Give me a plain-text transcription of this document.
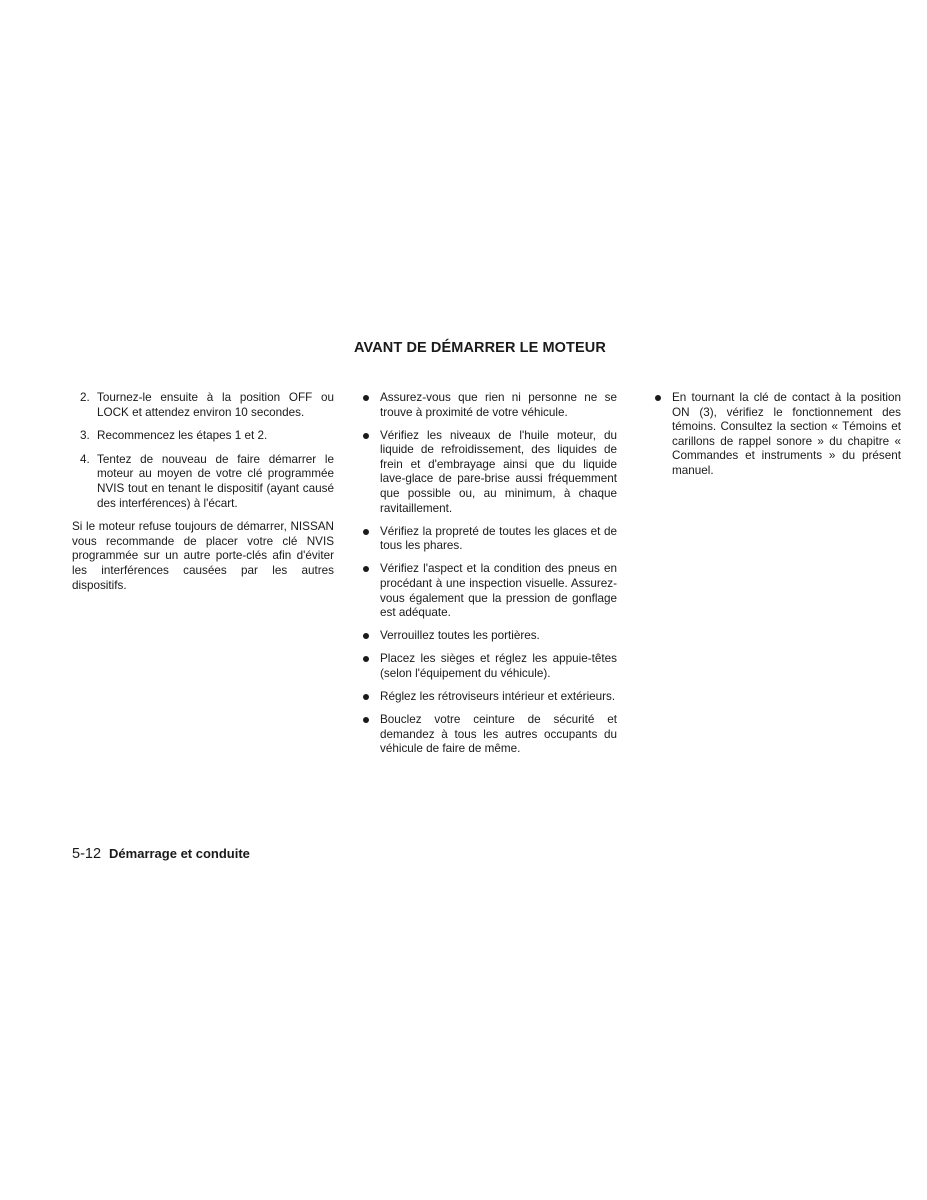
AVANT DE DÉMARRER LE MOTEUR
2. Tournez-le ensuite à la position OFF ou LOCK et attendez environ 10 secondes.
3. Recommencez les étapes 1 et 2.
4. Tentez de nouveau de faire démarrer le moteur au moyen de votre clé programmée NVIS tout en tenant le dispositif (ayant causé des interférences) à l'écart.

Si le moteur refuse toujours de démarrer, NISSAN vous recommande de placer votre clé NVIS programmée sur un autre porte-clés afin d'éviter les interférences causées par les autres dispositifs.

Assurez-vous que rien ni personne ne se trouve à proximité de votre véhicule.
Vérifiez les niveaux de l'huile moteur, du liquide de refroidissement, des liquides de frein et d'embrayage ainsi que du liquide lave-glace de pare-brise aussi fréquemment que possible ou, au minimum, à chaque ravitaillement.
Vérifiez la propreté de toutes les glaces et de tous les phares.
Vérifiez l'aspect et la condition des pneus en procédant à une inspection visuelle. Assurez-vous également que la pression de gonflage est adéquate.
Verrouillez toutes les portières.
Placez les sièges et réglez les appuie-têtes (selon l'équipement du véhicule).
Réglez les rétroviseurs intérieur et extérieurs.
Bouclez votre ceinture de sécurité et demandez à tous les autres occupants du véhicule de faire de même.
En tournant la clé de contact à la position ON (3), vérifiez le fonctionnement des témoins. Consultez la section « Témoins et carillons de rappel sonore » du chapitre « Commandes et instruments » du présent manuel.
5-12 Démarrage et conduite
